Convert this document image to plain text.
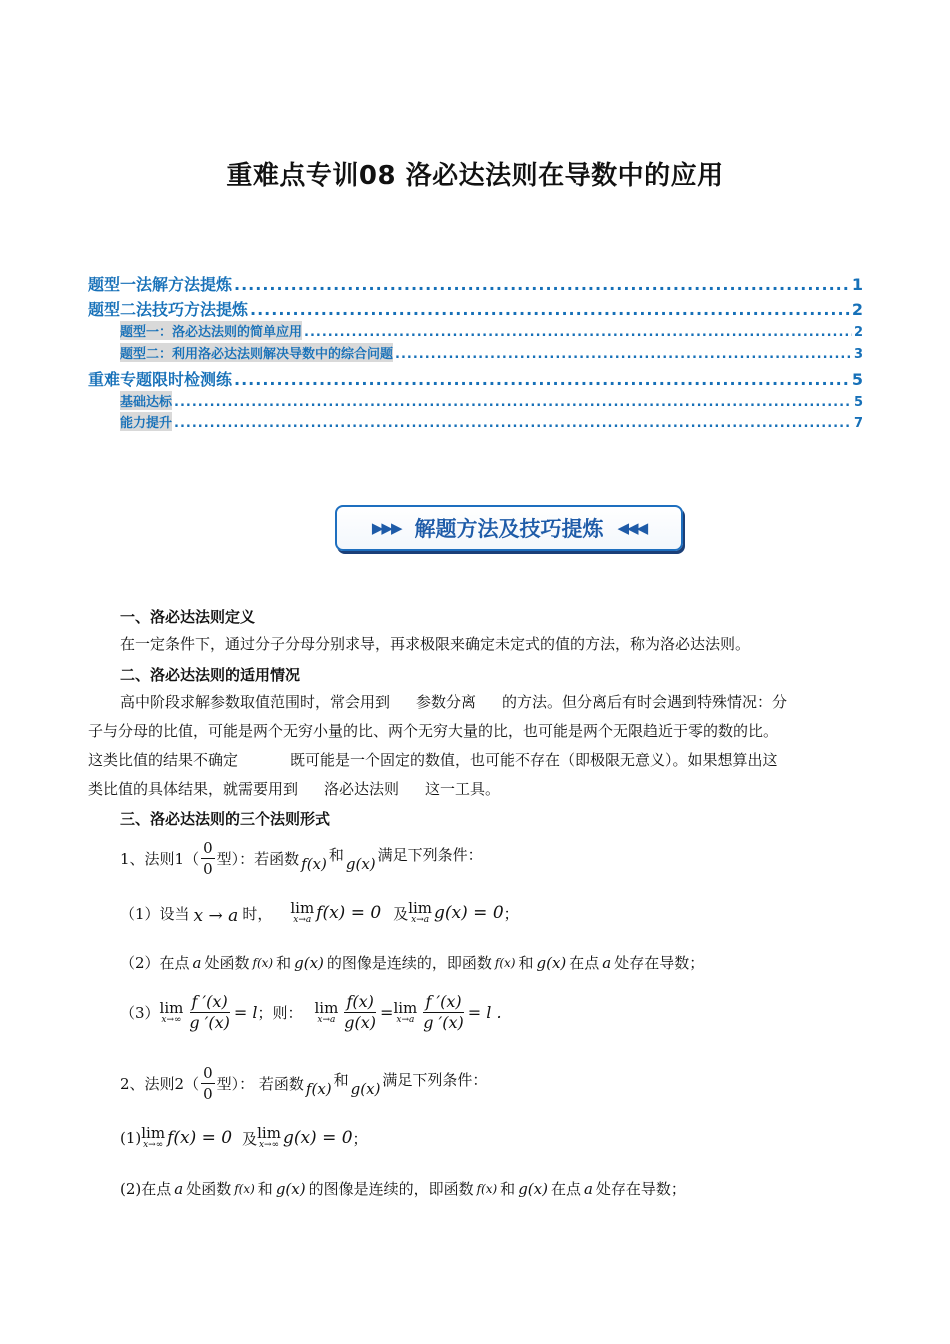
重难点专训08 洛必达法则在导数中的应用
题型一法解方法提炼 .....	1
题型二法技巧方法提炼 .....	2
题型一：洛必达法则的简单应用 .....	2
题型二：利用洛必达法则解决导数中的综合问题 .....	3
重难专题限时检测练 .....	5
基础达标 .....	5
能力提升 .....	7
▶▶▶ 解题方法及技巧提炼 ◀◀◀
一、洛必达法则定义
在一定条件下，通过分子分母分别求导，再求极限来确定未定式的值的方法，称为洛必达法则。
二、洛必达法则的适用情况
高中阶段求解参数取值范围时，常会用到 参数分离 的方法。但分离后有时会遇到特殊情况：分
子与分母的比值，可能是两个无穷小量的比、两个无穷大量的比，也可能是两个无限趋近于零的数的比。
这类比值的结果不确定	既可能是一个固定的数值，也可能不存在（即极限无意义）。如果想算出这
类比值的具体结果，就需要用到 洛必达法则 这一工具。
三、洛必达法则的三个法则形式
1、法则$1( \frac{0}{0}$ 型）：若函数 f(x) 和 g(x) 满足下列条件：
（1）设当 x → a 时， lim
x→a f(x) = 0 及 lim
x→a g(x) = 0 ；
（2）在点 a 处函数 f(x) 和 g(x) 的图像是连续的，即函数 f(x) 和 g(x) 在点 a 处存在导数；
（3） lim
$x\to\infty \frac{f '(x)}{g '(x)} = l$ ；则： lim
$x\to a \frac{f(x)}{g(x)} = \lim$
$x\to a \frac{f '(x)}{g '(x)} = l$ .
2、法则$2( \frac{0}{0}$ 型）： 若函数 f(x) 和 g(x) 满足下列条件：
(1) lim
x→∞ f(x) = 0 及 lim
x→∞ g(x) = 0 ；
(2)在点 a 处函数 f(x) 和 g(x) 的图像是连续的，即函数 f(x) 和 g(x) 在点 a 处存在导数；
